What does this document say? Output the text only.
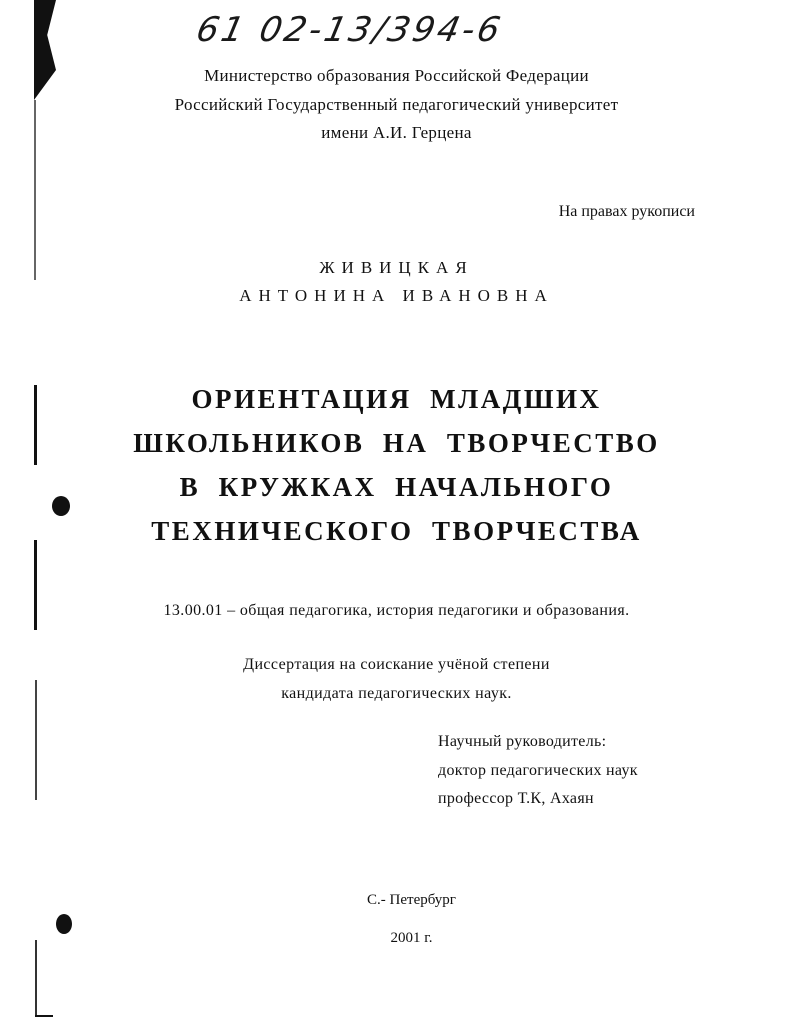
61 02-13/394-6
Министерство образования Российской Федерации
Российский Государственный педагогический университет
имени А.И. Герцена
На правах рукописи
ЖИВИЦКАЯ
АНТОНИНА ИВАНОВНА
ОРИЕНТАЦИЯ  МЛАДШИХ
ШКОЛЬНИКОВ  НА  ТВОРЧЕСТВО
В  КРУЖКАХ  НАЧАЛЬНОГО
ТЕХНИЧЕСКОГО  ТВОРЧЕСТВА
13.00.01 – общая педагогика, история педагогики и образования.
Диссертация на соискание учёной степени
кандидата педагогических наук.
Научный руководитель:
доктор педагогических наук
профессор Т.К, Ахаян
С.- Петербург
2001 г.
